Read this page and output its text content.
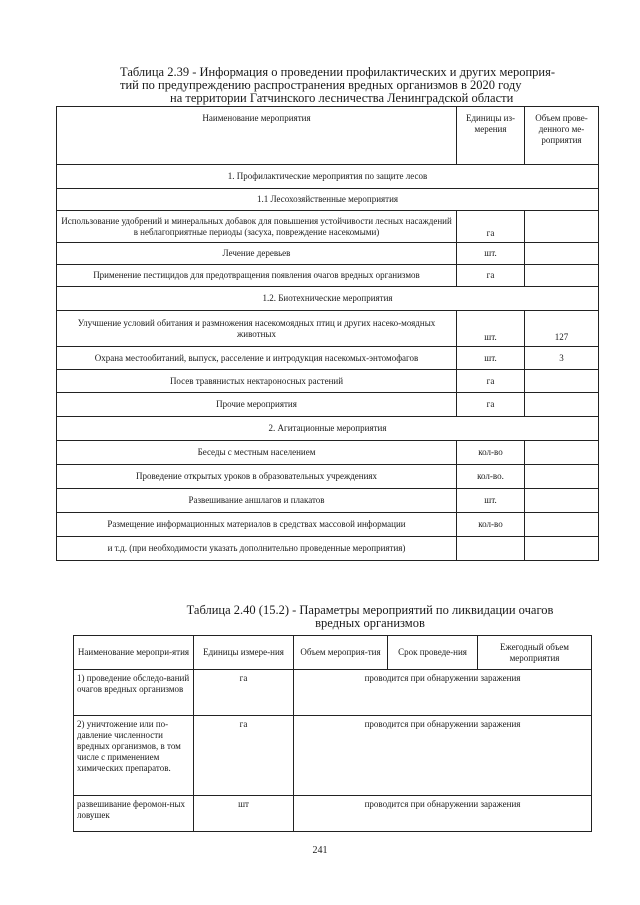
Таблица 2.39 - Информация о проведении профилактических и других мероприя-
тий по предупреждению распространения вредных организмов в 2020 году
на территории Гатчинского лесничества Ленинградской области
Наименование мероприятия	Единицы из-мерения	Объем прове-денного ме-роприятия
1. Профилактические мероприятия по защите лесов		
1.1 Лесохозяйственные мероприятия		
Использование удобрений и минеральных добавок для повышения устойчивости лесных насаждений в неблагоприятные периоды (засуха, повреждение насекомыми)	га	
Лечение деревьев	шт.	
Применение пестицидов для предотвращения появления очагов вредных организмов	га	
1.2. Биотехнические мероприятия		
Улучшение условий обитания и размножения насекомоядных птиц и других насеко-моядных животных	шт.	127
Охрана местообитаний, выпуск, расселение и интродукция насекомых-энтомофагов	шт.	3
Посев травянистых нектароносных растений	га	
Прочие мероприятия	га	
2. Агитационные мероприятия		
Беседы с местным населением	кол-во	
Проведение открытых уроков в образовательных учреждениях	кол-во.	
Развешивание аншлагов и плакатов	шт.	
Размещение информационных материалов в средствах массовой информации	кол-во	
и т.д. (при необходимости указать дополнительно проведенные мероприятия)		
Таблица 2.40 (15.2) - Параметры мероприятий по ликвидации очагов
вредных организмов
Наименование меропри-ятия	Единицы измере-ния	Объем мероприя-тия	Срок проведе-ния	Ежегодный объем мероприятия
1) проведение обследо-ваний очагов вредных организмов	га	проводится при обнаружении заражения		
2) уничтожение или по-давление численности вредных организмов, в том числе с применением химических препаратов.	га	проводится при обнаружении заражения		
развешивание феромон-ных ловушек	шт	проводится при обнаружении заражения		
241
